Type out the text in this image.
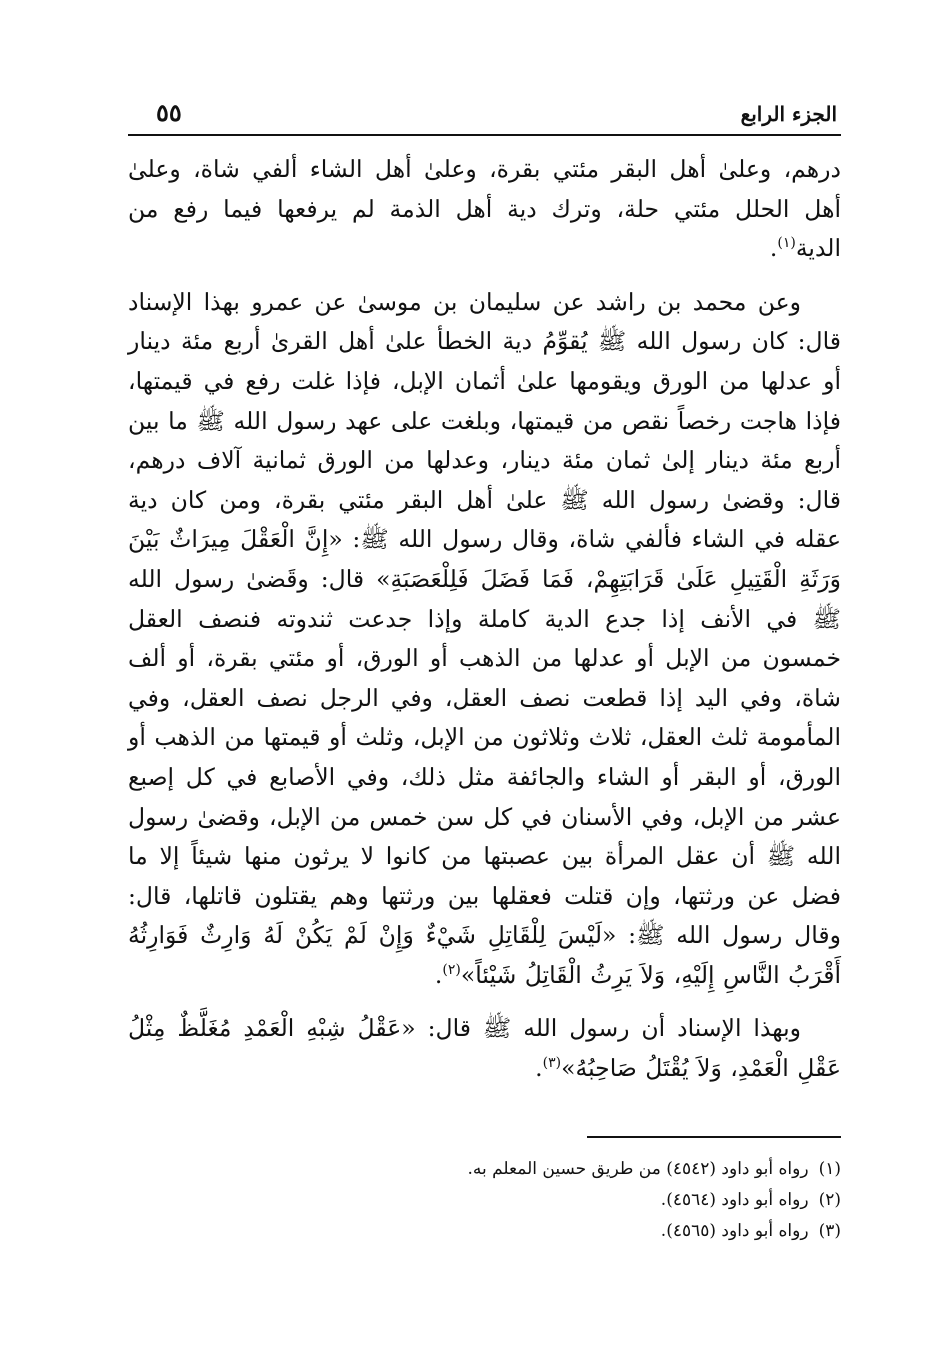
الجزء الرابع
٥٥

درهم، وعلىٰ أهل البقر مئتي بقرة، وعلىٰ أهل الشاء ألفي شاة، وعلىٰ أهل الحلل مئتي حلة، وترك دية أهل الذمة لم يرفعها فيما رفع من الدية$^{(١)}$.

وعن محمد بن راشد عن سليمان بن موسىٰ عن عمرو بهذا الإسناد قال: كان رسول الله ﷺ يُقوِّمُ دية الخطأ علىٰ أهل القرىٰ أربع مئة دينار أو عدلها من الورق ويقومها علىٰ أثمان الإبل، فإذا غلت رفع في قيمتها، فإذا هاجت رخصاً نقص من قيمتها، وبلغت على عهد رسول الله ﷺ ما بين أربع مئة دينار إلىٰ ثمان مئة دينار، وعدلها من الورق ثمانية آلاف درهم، قال: وقضىٰ رسول الله ﷺ علىٰ أهل البقر مئتي بقرة، ومن كان دية عقله في الشاء فألفي شاة، وقال رسول الله ﷺ: «إِنَّ الْعَقْلَ مِيرَاثٌ بَيْنَ وَرَثَةِ الْقَتِيلِ عَلَىٰ قَرَابَتِهِمْ، فَمَا فَضَلَ فَلِلْعَصَبَةِ» قال: وقَضىٰ رسول الله ﷺ في الأنف إذا جدع الدية كاملة وإذا جدعت ثندوته فنصف العقل خمسون من الإبل أو عدلها من الذهب أو الورق، أو مئتي بقرة، أو ألف شاة، وفي اليد إذا قطعت نصف العقل، وفي الرجل نصف العقل، وفي المأمومة ثلث العقل، ثلاث وثلاثون من الإبل، وثلث أو قيمتها من الذهب أو الورق، أو البقر أو الشاء والجائفة مثل ذلك، وفي الأصابع في كل إصبع عشر من الإبل، وفي الأسنان في كل سن خمس من الإبل، وقضىٰ رسول الله ﷺ أن عقل المرأة بين عصبتها من كانوا لا يرثون منها شيئاً إلا ما فضل عن ورثتها، وإن قتلت فعقلها بين ورثتها وهم يقتلون قاتلها، قال: وقال رسول الله ﷺ: «لَيْسَ لِلْقَاتِلِ شَيْءٌ وَإِنْ لَمْ يَكُنْ لَهُ وَارِثٌ فَوَارِثُهُ أَقْرَبُ النَّاسِ إِلَيْهِ، وَلاَ يَرِثُ الْقَاتِلُ شَيْئاً»$^{(٢)}$.

وبهذا الإسناد أن رسول الله ﷺ قال: «عَقْلُ شِبْهِ الْعَمْدِ مُغَلَّظٌ مِثْلُ عَقْلِ الْعَمْدِ، وَلاَ يُقْتَلُ صَاحِبُهُ»$^{(٣)}$.

(١)رواه أبو داود (٤٥٤٢) من طريق حسين المعلم به.

(٢)رواه أبو داود (٤٥٦٤).

(٣)رواه أبو داود (٤٥٦٥).
